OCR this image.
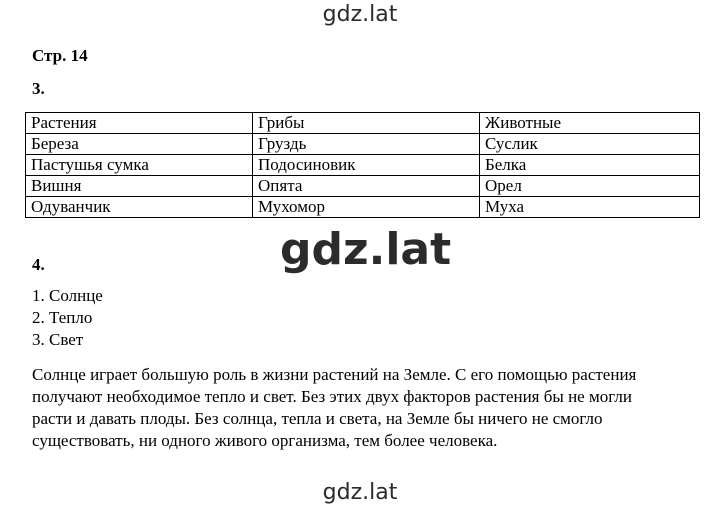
gdz.lat
Стр. 14
3.
Растения	Грибы	Животные
Береза	Груздь	Суслик
Пастушья сумка	Подосиновик	Белка
Вишня	Опята	Орел
Одуванчик	Мухомор	Муха
gdz.lat
4.
1. Солнце
2. Тепло
3. Свет
Солнце играет большую роль в жизни растений на Земле. С его помощью растения
получают необходимое тепло и свет. Без этих двух факторов растения бы не могли
расти и давать плоды. Без солнца, тепла и света, на Земле бы ничего не смогло
существовать, ни одного живого организма, тем более человека.
gdz.lat
